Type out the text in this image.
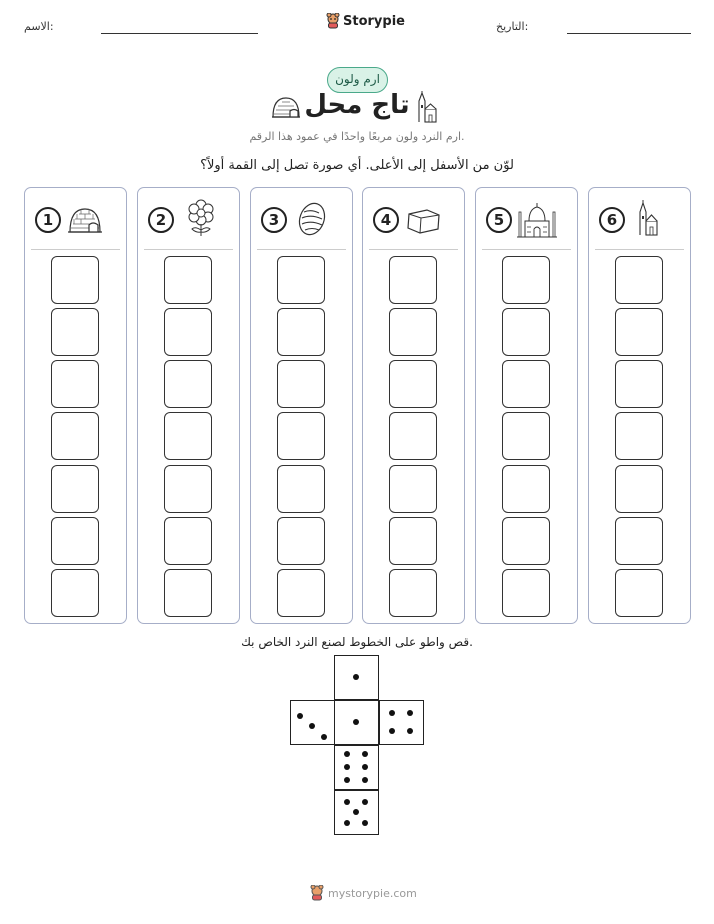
الاسم:	Storypie	التاريخ:
ارم ولون
تاج محل
ارم النرد ولون مربعًا واحدًا في عمود هذا الرقم.
لوّن من الأسفل إلى الأعلى. أي صورة تصل إلى القمة أولاً؟
6
5
4
3
2
1
قص واطو على الخطوط لصنع النرد الخاص بك.
mystorypie.com
